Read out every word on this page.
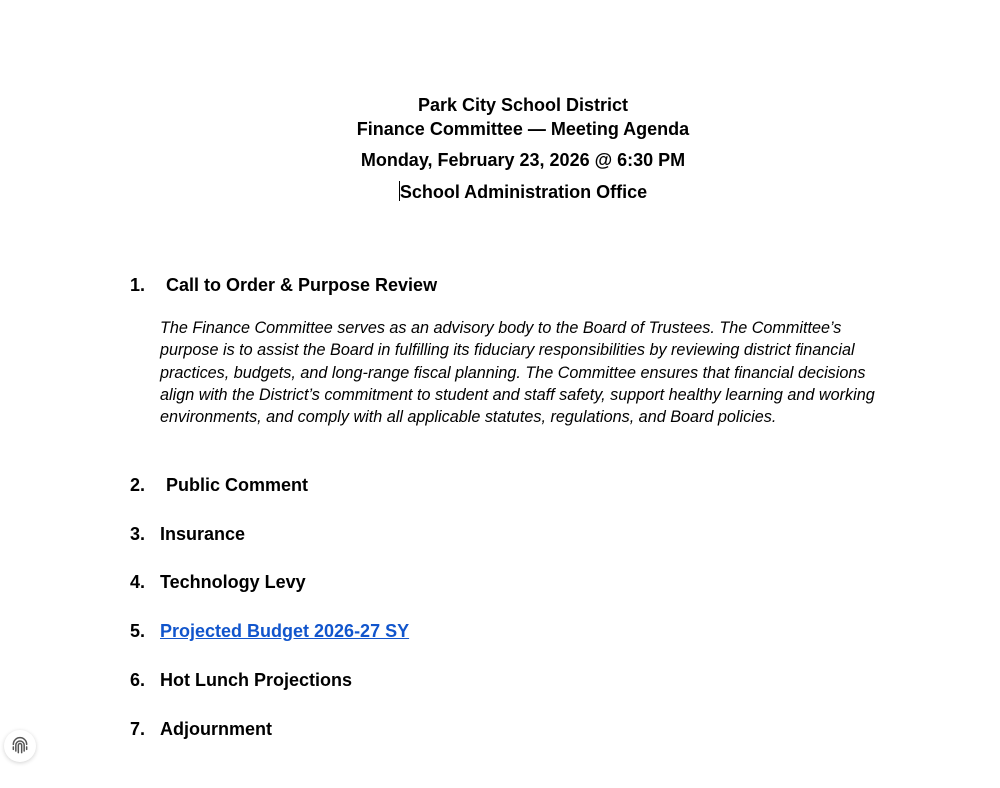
Park City School District
Finance Committee — Meeting Agenda
Monday, February 23, 2026 @ 6:30 PM
School Administration Office
1. Call to Order & Purpose Review
The Finance Committee serves as an advisory body to the Board of Trustees. The Committee’s purpose is to assist the Board in fulfilling its fiduciary responsibilities by reviewing district financial practices, budgets, and long-range fiscal planning. The Committee ensures that financial decisions align with the District’s commitment to student and staff safety, support healthy learning and working environments, and comply with all applicable statutes, regulations, and Board policies.
2. Public Comment
3. Insurance
4. Technology Levy
5. Projected Budget 2026-27 SY
6. Hot Lunch Projections
7. Adjournment
